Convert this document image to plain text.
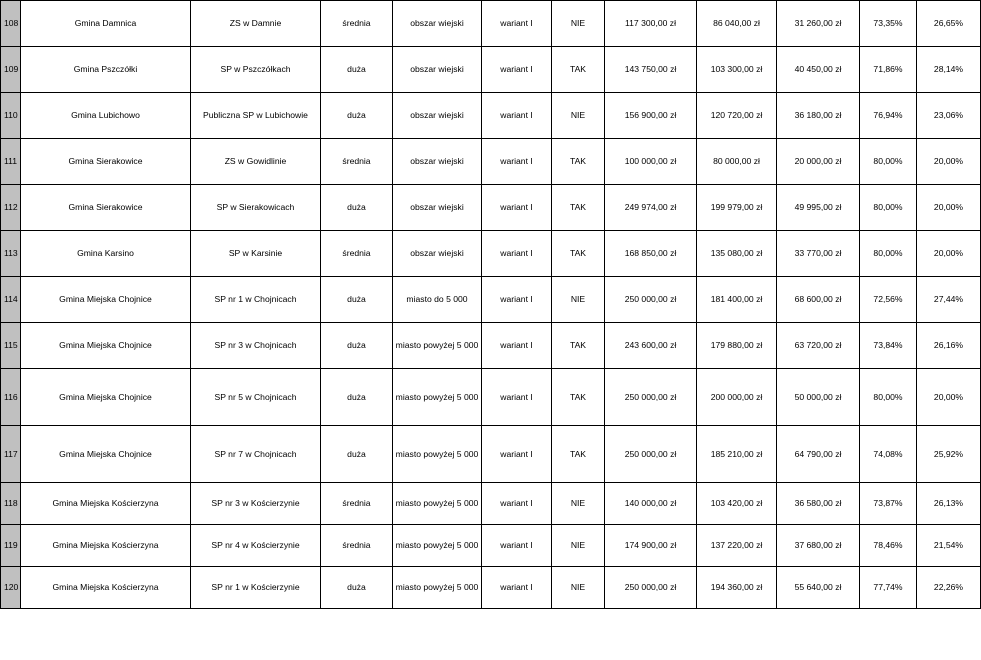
108	Gmina Damnica	ZS w Damnie	średnia	obszar wiejski	wariant I	NIE	117 300,00 zł	86 040,00 zł	31 260,00 zł	73,35%	26,65%
109	Gmina Pszczółki	SP w Pszczółkach	duża	obszar wiejski	wariant I	TAK	143 750,00 zł	103 300,00 zł	40 450,00 zł	71,86%	28,14%
110	Gmina Lubichowo	Publiczna SP w Lubichowie	duża	obszar wiejski	wariant I	NIE	156 900,00 zł	120 720,00 zł	36 180,00 zł	76,94%	23,06%
111	Gmina Sierakowice	ZS w Gowidlinie	średnia	obszar wiejski	wariant I	TAK	100 000,00 zł	80 000,00 zł	20 000,00 zł	80,00%	20,00%
112	Gmina Sierakowice	SP w Sierakowicach	duża	obszar wiejski	wariant I	TAK	249 974,00 zł	199 979,00 zł	49 995,00 zł	80,00%	20,00%
113	Gmina Karsino	SP w Karsinie	średnia	obszar wiejski	wariant I	TAK	168 850,00 zł	135 080,00 zł	33 770,00 zł	80,00%	20,00%
114	Gmina Miejska Chojnice	SP nr 1 w Chojnicach	duża	miasto do 5 000	wariant I	NIE	250 000,00 zł	181 400,00 zł	68 600,00 zł	72,56%	27,44%
115	Gmina Miejska Chojnice	SP nr 3 w Chojnicach	duża	miasto powyżej 5 000	wariant I	TAK	243 600,00 zł	179 880,00 zł	63 720,00 zł	73,84%	26,16%
116	Gmina Miejska Chojnice	SP nr 5 w Chojnicach	duża	miasto powyżej 5 000	wariant I	TAK	250 000,00 zł	200 000,00 zł	50 000,00 zł	80,00%	20,00%
117	Gmina Miejska Chojnice	SP nr 7 w Chojnicach	duża	miasto powyżej 5 000	wariant I	TAK	250 000,00 zł	185 210,00 zł	64 790,00 zł	74,08%	25,92%
118	Gmina Miejska Kościerzyna	SP nr 3 w Kościerzynie	średnia	miasto powyżej 5 000	wariant I	NIE	140 000,00 zł	103 420,00 zł	36 580,00 zł	73,87%	26,13%
119	Gmina Miejska Kościerzyna	SP nr 4 w Kościerzynie	średnia	miasto powyżej 5 000	wariant I	NIE	174 900,00 zł	137 220,00 zł	37 680,00 zł	78,46%	21,54%
120	Gmina Miejska Kościerzyna	SP nr 1 w Kościerzynie	duża	miasto powyżej 5 000	wariant I	NIE	250 000,00 zł	194 360,00 zł	55 640,00 zł	77,74%	22,26%
